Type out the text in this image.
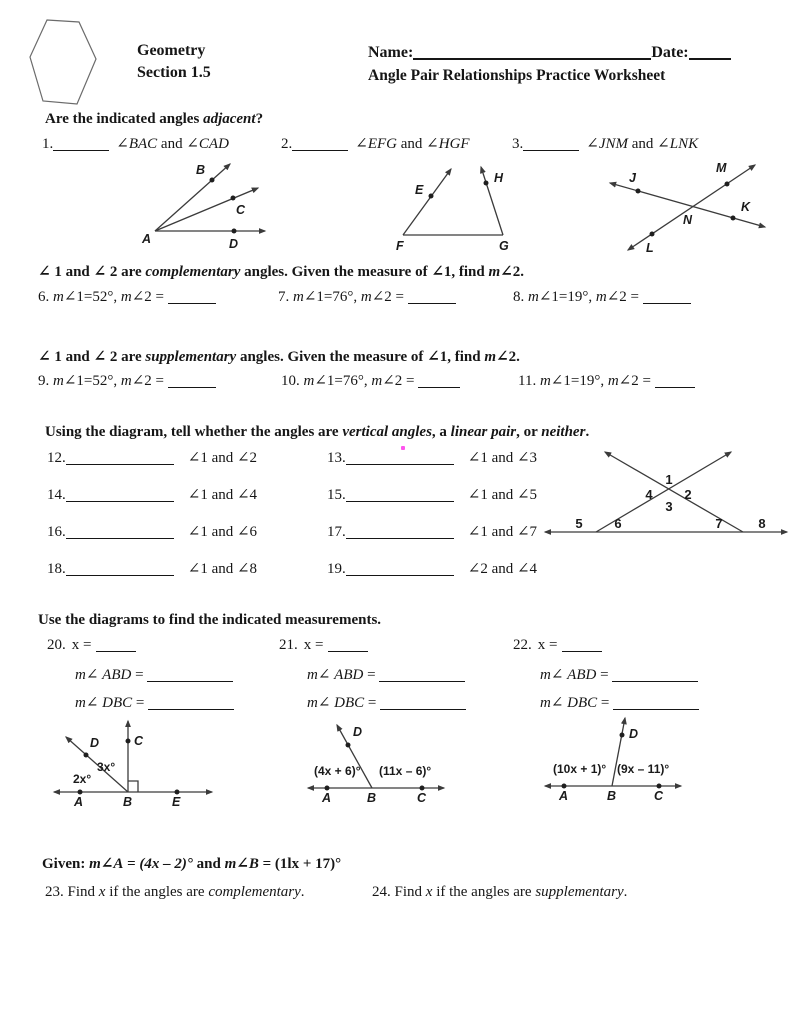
Geometry
Section 1.5
Name:	Date:
Angle Pair Relationships Practice Worksheet
Are the indicated angles adjacent?
1.	∠BAC and ∠CAD	2.	∠EFG and ∠HGF	3.	∠JNM and ∠LNK
A
B
C
D
E
F	G
H	J
K
L
M
N
∠ 1 and ∠ 2 are complementary angles. Given the measure of ∠1, find m∠2.
6. m∠1=52°, m∠2 =	7. m∠1=76°, m∠2 =	8. m∠1=19°, m∠2 =
∠ 1 and ∠ 2 are supplementary angles. Given the measure of ∠1, find m∠2.
9. m∠1=52°, m∠2 =	10. m∠1=76°, m∠2 =	11. m∠1=19°, m∠2 =
Using the diagram, tell whether the angles are vertical angles, a linear pair, or neither.
12.	∠1 and ∠2	13.	∠1 and ∠3
14.	∠1 and ∠4	15.	∠1 and ∠5
16.	∠1 and ∠6	17.	∠1 and ∠7
18.	∠1 and ∠8	19.	∠2 and ∠4
1
2
3
4
5 6	7	8
Use the diagrams to find the indicated measurements.
20. x =	21. x =	22. x =
m∠ ABD =	m∠ ABD =	m∠ ABD =
m∠ DBC =	m∠ DBC =	m∠ DBC =
A	B	E
C
D
3x°
2x°
A	B	C
D
(4x + 6)° (11x – 6)°
A	B	C
D
(10x + 1)° (9x – 11)°
Given: m∠A = (4x – 2)° and m∠B = (1lx + 17)°
23. Find x if the angles are complementary.	24. Find x if the angles are supplementary.
